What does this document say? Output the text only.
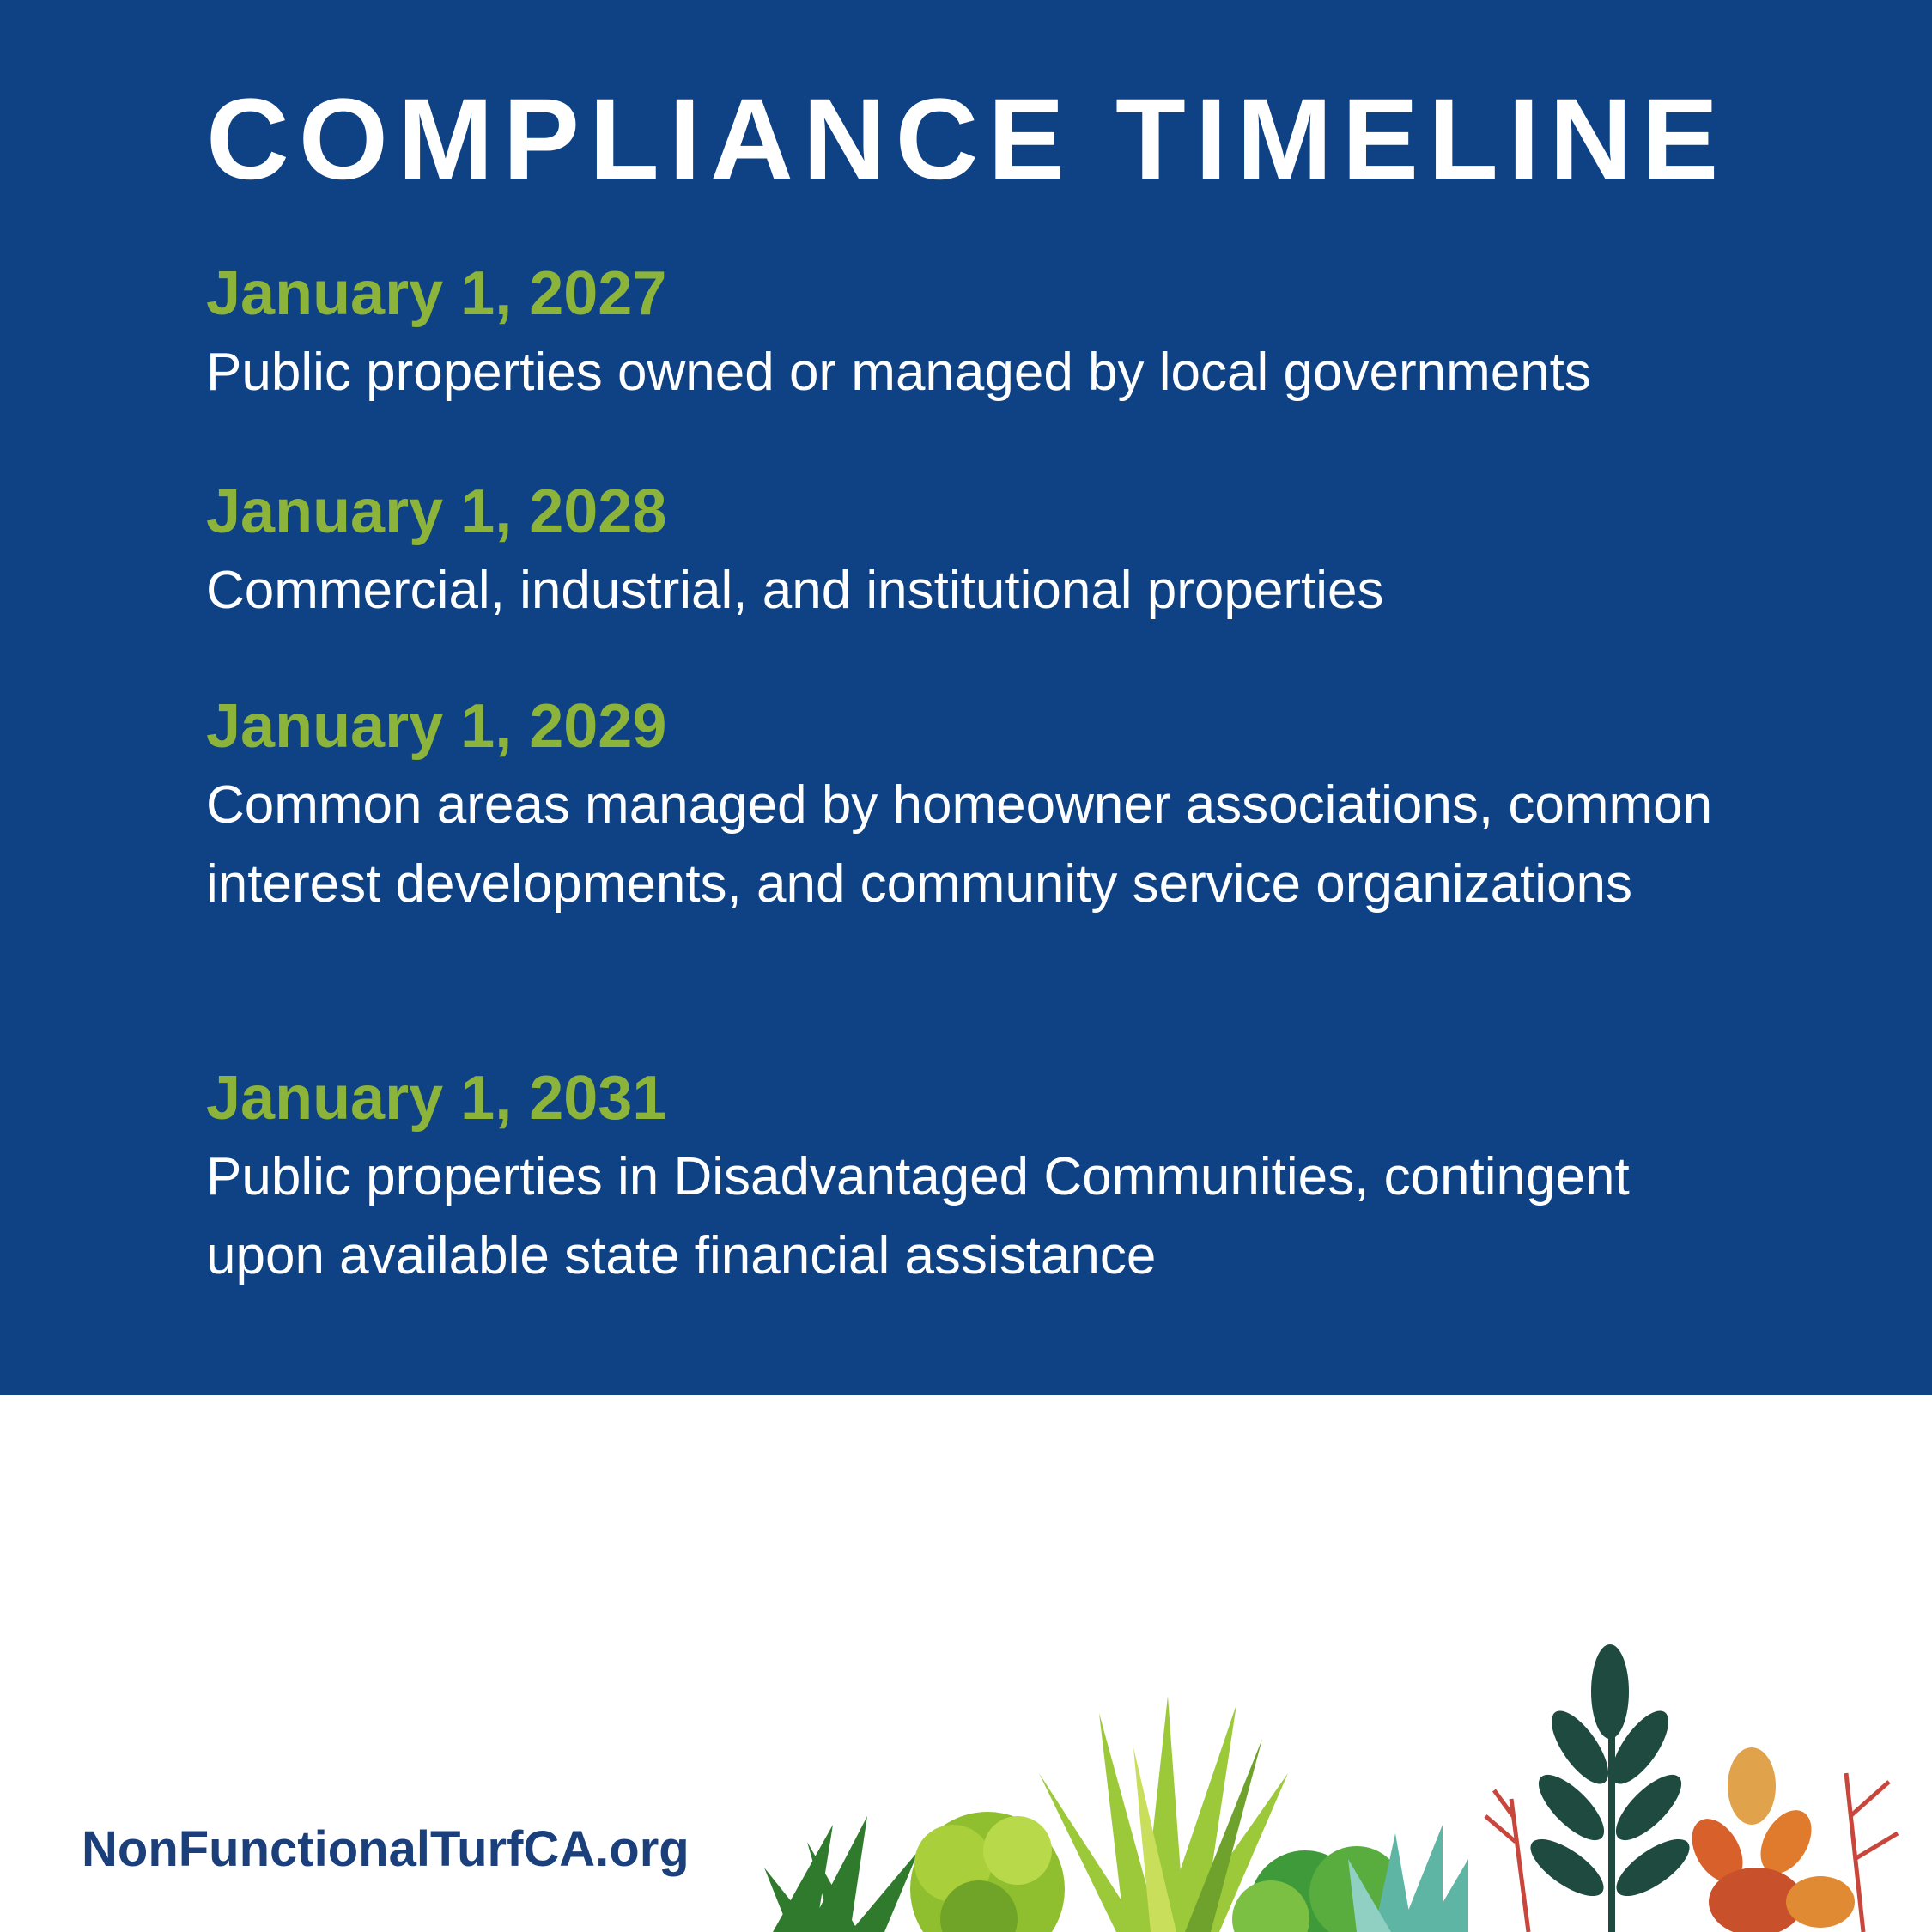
COMPLIANCE TIMELINE

January 1, 2027

Public properties owned or managed by local governments

January 1, 2028

Commercial, industrial, and institutional properties

January 1, 2029

Common areas managed by homeowner associations, common interest developments, and community service organizations

January 1, 2031

Public properties in Disadvantaged Communities, contingent upon available state financial assistance

NonFunctionalTurfCA.org
